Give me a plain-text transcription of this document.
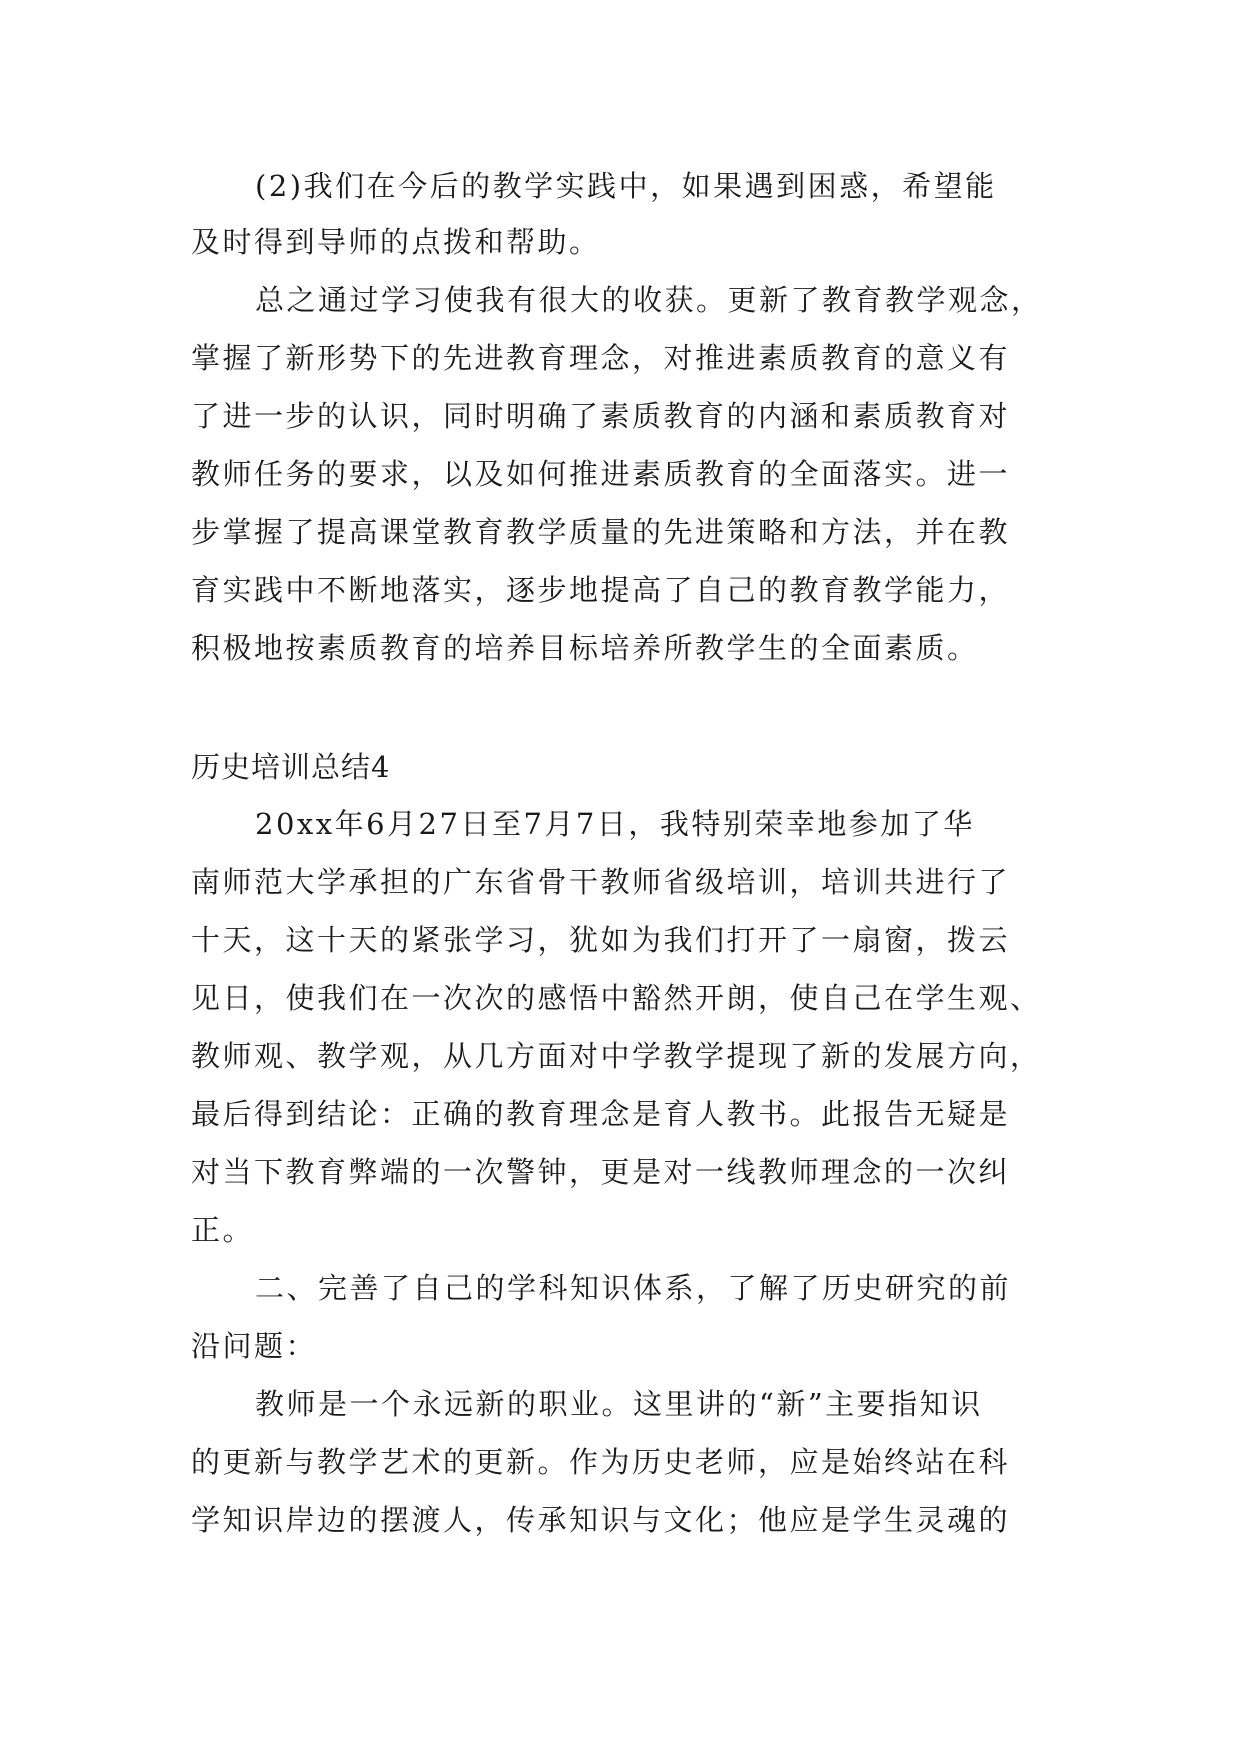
(2)我们在今后的教学实践中，如果遇到困惑，希望能
及时得到导师的点拨和帮助。
总之通过学习使我有很大的收获。更新了教育教学观念，
掌握了新形势下的先进教育理念，对推进素质教育的意义有
了进一步的认识，同时明确了素质教育的内涵和素质教育对
教师任务的要求，以及如何推进素质教育的全面落实。进一
步掌握了提高课堂教育教学质量的先进策略和方法，并在教
育实践中不断地落实，逐步地提高了自己的教育教学能力，
积极地按素质教育的培养目标培养所教学生的全面素质。
历史培训总结4
20xx年6月27日至7月7日，我特别荣幸地参加了华
南师范大学承担的广东省骨干教师省级培训，培训共进行了
十天，这十天的紧张学习，犹如为我们打开了一扇窗，拨云
见日，使我们在一次次的感悟中豁然开朗，使自己在学生观、
教师观、教学观，从几方面对中学教学提现了新的发展方向，
最后得到结论：正确的教育理念是育人教书。此报告无疑是
对当下教育弊端的一次警钟，更是对一线教师理念的一次纠
正。
二、完善了自己的学科知识体系，了解了历史研究的前
沿问题：
教师是一个永远新的职业。这里讲的“新”主要指知识
的更新与教学艺术的更新。作为历史老师，应是始终站在科
学知识岸边的摆渡人，传承知识与文化；他应是学生灵魂的
